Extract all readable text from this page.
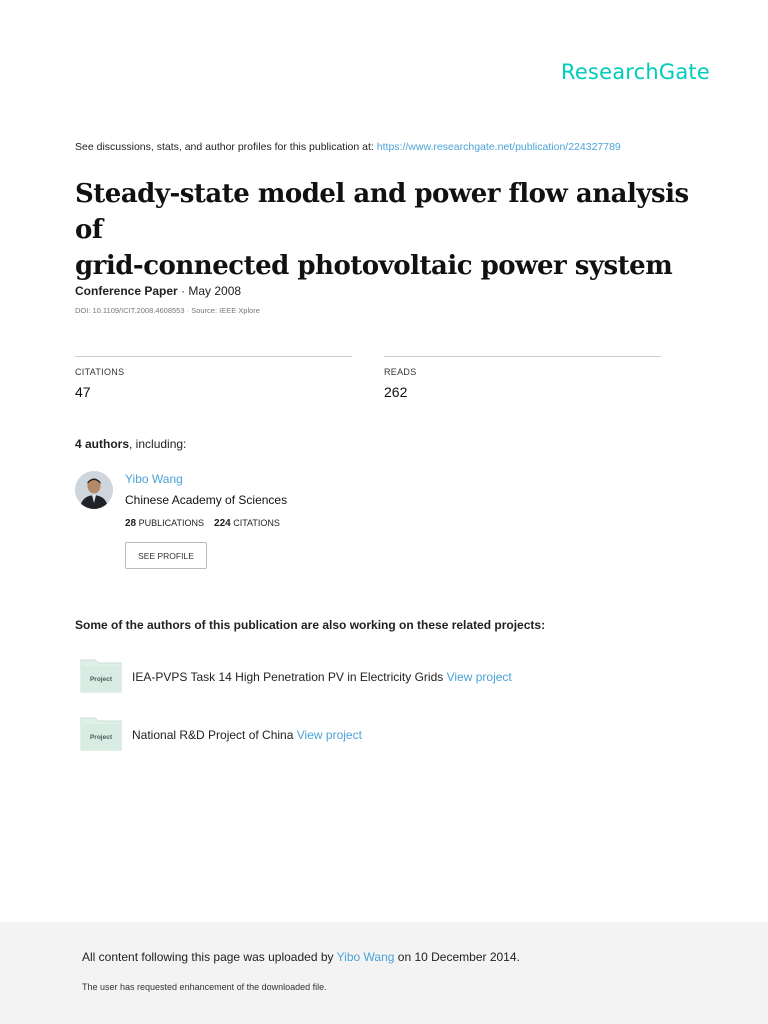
ResearchGate
See discussions, stats, and author profiles for this publication at: https://www.researchgate.net/publication/224327789
Steady-state model and power flow analysis of
grid-connected photovoltaic power system
Conference Paper · May 2008
DOI: 10.1109/ICIT.2008.4608553 · Source: IEEE Xplore
CITATIONS
47
READS
262
4 authors, including:
Yibo Wang
Chinese Academy of Sciences
28 PUBLICATIONS 224 CITATIONS
SEE PROFILE
Some of the authors of this publication are also working on these related projects:
Project IEA-PVPS Task 14 High Penetration PV in Electricity Grids View project
Project National R&D Project of China View project
All content following this page was uploaded by Yibo Wang on 10 December 2014.
The user has requested enhancement of the downloaded file.
